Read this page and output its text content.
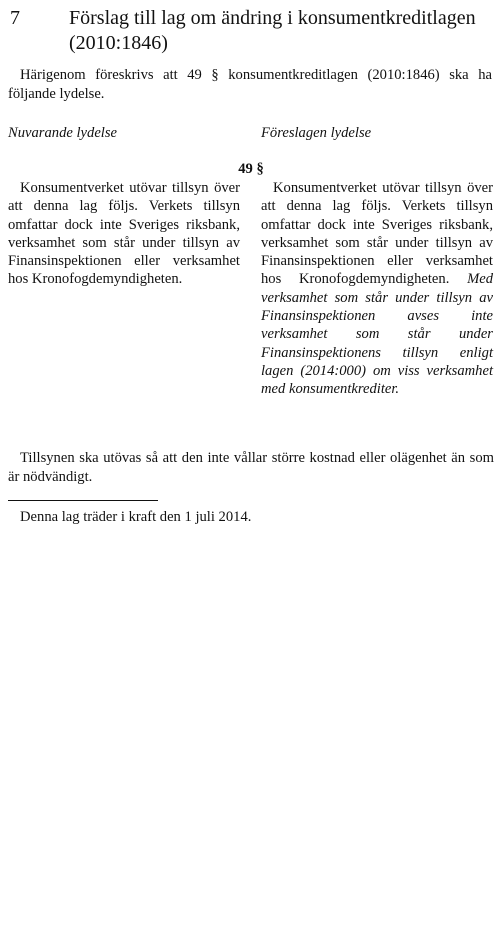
7 Förslag till lag om ändring i konsumentkreditlagen (2010:1846)
Härigenom föreskrivs att 49 § konsumentkreditlagen (2010:1846) ska ha följande lydelse.
Nuvarande lydelse	Föreslagen lydelse
49 §
Konsumentverket utövar tillsyn över att denna lag följs. Verkets tillsyn omfattar dock inte Sveriges riksbank, verksamhet som står under tillsyn av Finansinspektionen eller verksamhet hos Kronofogdemyndigheten.
Konsumentverket utövar tillsyn över att denna lag följs. Verkets tillsyn omfattar dock inte Sveriges riksbank, verksamhet som står under tillsyn av Finansinspektionen eller verksamhet hos Kronofogdemyndigheten. Med verksamhet som står under tillsyn av Finansinspektionen avses inte verksamhet som står under Finansinspektionens tillsyn enligt lagen (2014:000) om viss verksamhet med konsumentkrediter.
Tillsynen ska utövas så att den inte vållar större kostnad eller olägenhet än som är nödvändigt.
Denna lag träder i kraft den 1 juli 2014.
